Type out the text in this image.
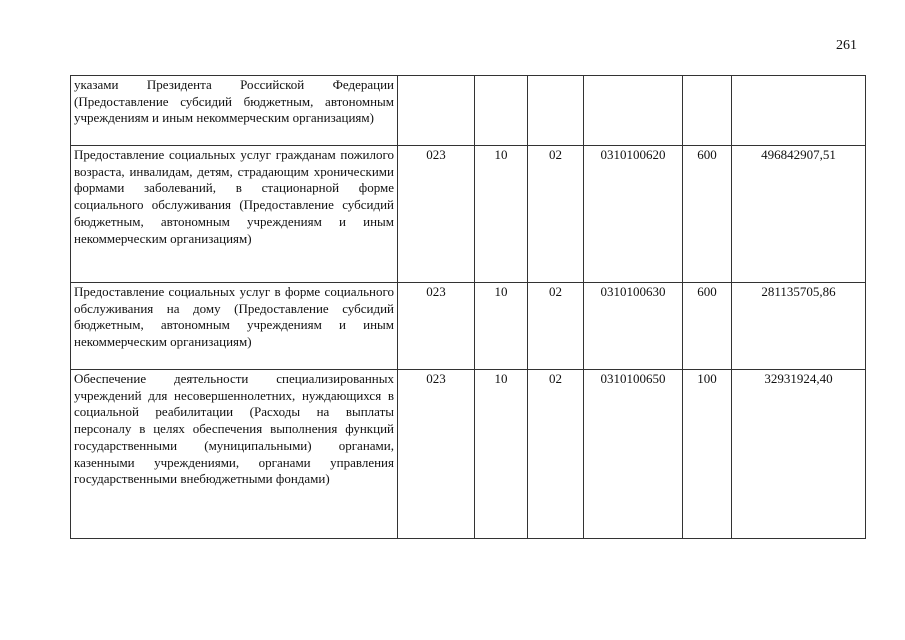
261
указами Президента Российской Федерации (Предоставление субсидий бюджетным, автономным учреждениям и иным некоммерческим организациям)						
Предоставление социальных услуг гражданам пожилого возраста, инвалидам, детям, страдающим хроническими формами заболеваний, в стационарной форме социального обслуживания (Предоставление субсидий бюджетным, автономным учреждениям и иным некоммерческим организациям)	023	10	02	0310100620	600	496842907,51
Предоставление социальных услуг в форме социального обслуживания на дому (Предоставление субсидий бюджетным, автономным учреждениям и иным некоммерческим организациям)	023	10	02	0310100630	600	281135705,86
Обеспечение деятельности специализированных учреждений для несовершеннолетних, нуждающихся в социальной реабилитации (Расходы на выплаты персоналу в целях обеспечения выполнения функций государственными (муниципальными) органами, казенными учреждениями, органами управления государственными внебюджетными фондами)	023	10	02	0310100650	100	32931924,40
